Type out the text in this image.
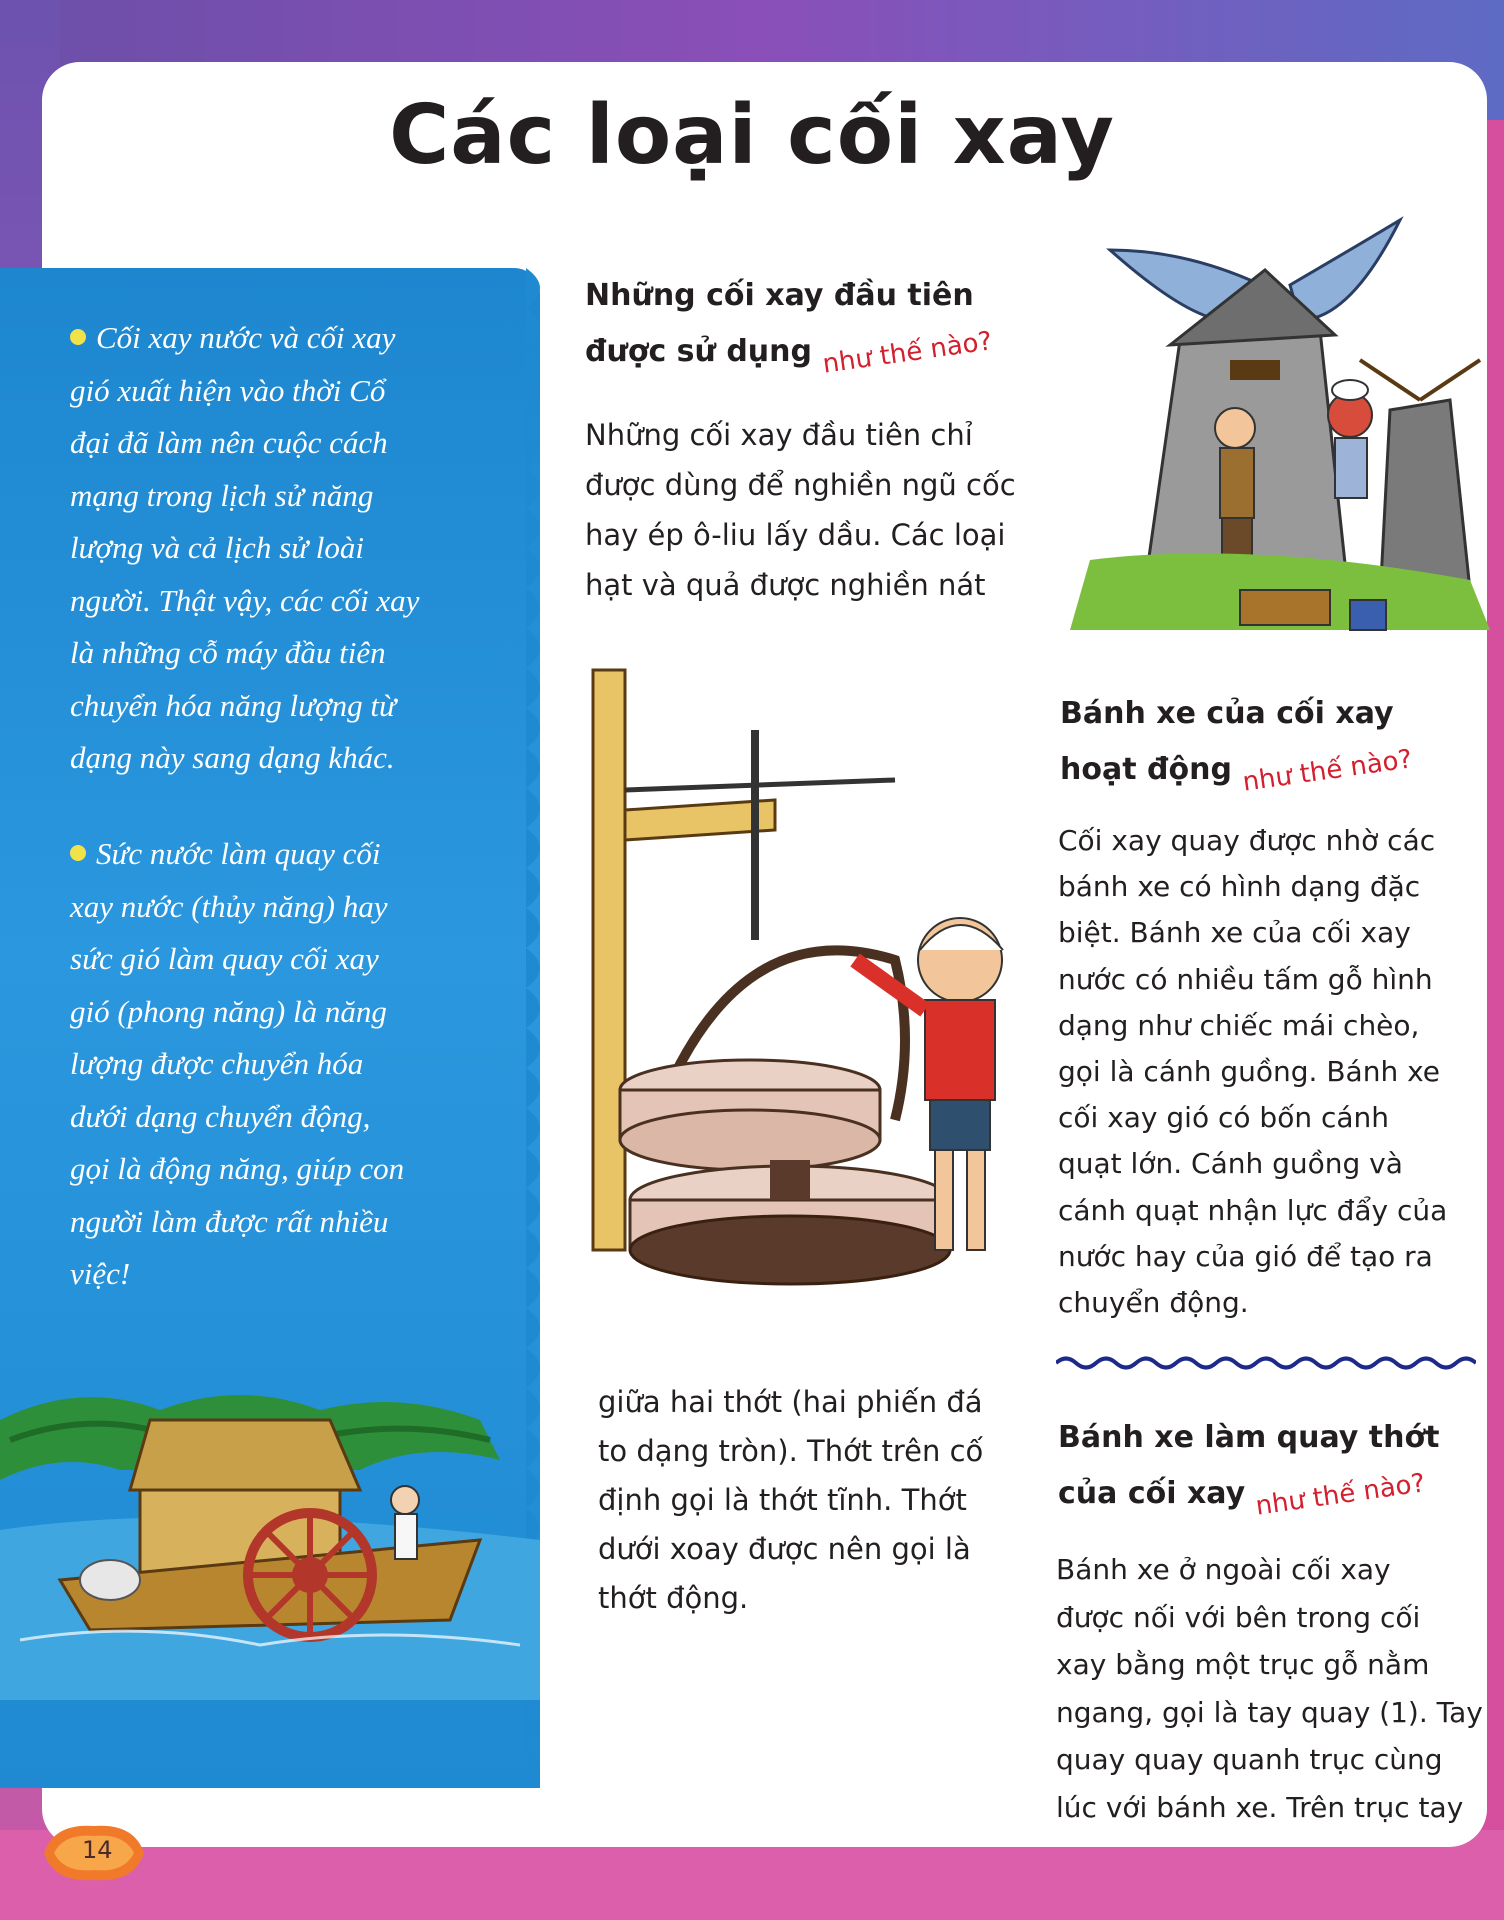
Các loại cối xay
Cối xay nước và cối xay
gió xuất hiện vào thời Cổ
đại đã làm nên cuộc cách
mạng trong lịch sử năng
lượng và cả lịch sử loài
người. Thật vậy, các cối xay
là những cỗ máy đầu tiên
chuyển hóa năng lượng từ
dạng này sang dạng khác.
Sức nước làm quay cối
xay nước (thủy năng) hay
sức gió làm quay cối xay
gió (phong năng) là năng
lượng được chuyển hóa
dưới dạng chuyển động,
gọi là động năng, giúp con
người làm được rất nhiều
việc!
Những cối xay đầu tiên
được sử dụng như thế nào?
Những cối xay đầu tiên chỉ
được dùng để nghiền ngũ cốc
hay ép ô-liu lấy dầu. Các loại
hạt và quả được nghiền nát
giữa hai thớt (hai phiến đá
to dạng tròn). Thớt trên cố
định gọi là thớt tĩnh. Thớt
dưới xoay được nên gọi là
thớt động.
Bánh xe của cối xay
hoạt động như thế nào?
Cối xay quay được nhờ các
bánh xe có hình dạng đặc
biệt. Bánh xe của cối xay
nước có nhiều tấm gỗ hình
dạng như chiếc mái chèo,
gọi là cánh guồng. Bánh xe
cối xay gió có bốn cánh
quạt lớn. Cánh guồng và
cánh quạt nhận lực đẩy của
nước hay của gió để tạo ra
chuyển động.
Bánh xe làm quay thớt
của cối xay như thế nào?
Bánh xe ở ngoài cối xay
được nối với bên trong cối
xay bằng một trục gỗ nằm
ngang, gọi là tay quay (1). Tay
quay quay quanh trục cùng
lúc với bánh xe. Trên trục tay
14
